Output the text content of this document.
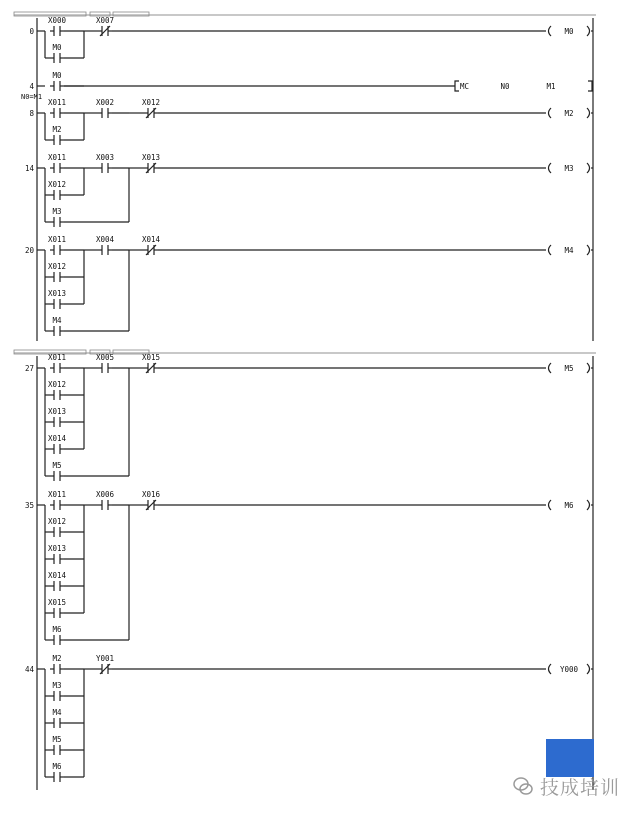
0
X000
M0
X007
M0
4
M0
MC	N0	M1
8
X011
M2
X002	X012
M2
14
X011
X012
X003
M3
X013
M3
20
X011
X012
X013
X004
M4
X014
M4
N0=M1
27
X011
X012
X013
X014
X005
M5
X015
M5
35
X011
X012
X013
X014
X015
X006
M6
X016
M6
44
M2
M3
M4
M5
M6
Y001
Y000
技成培训
